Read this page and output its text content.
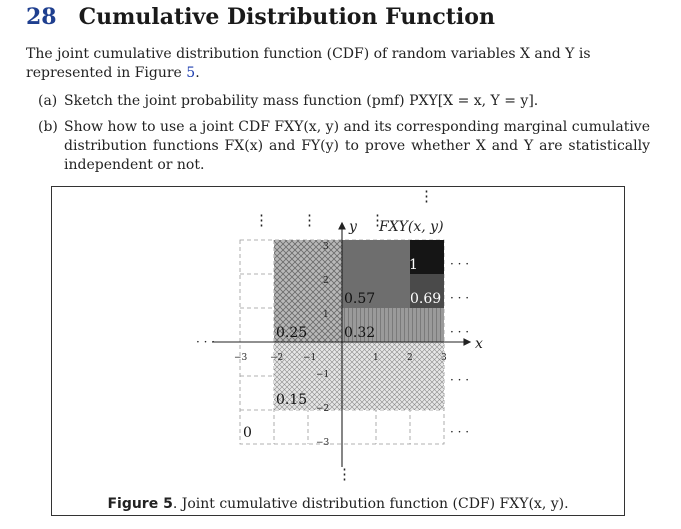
28 Cumulative Distribution Function
The joint cumulative distribution function (CDF) of random variables X and Y is represented in Figure 5.
(a) Sketch the joint probability mass function (pmf) PXY[X = x, Y = y].
(b) Show how to use a joint CDF FXY(x, y) and its corresponding marginal cumulative distribution functions FX(x) and FY(y) to prove whether X and Y are statistically independent or not.
1
0.69
0.57
0.32
0.25
0.15
0
y FXY(x, y)
x
−3	−2 −1	1	2	3
3
2
1
−1
−2
−3
⋮
⋮ ⋮	⋮
⋮
· · ·
· · ·
· · ·
· · ·
· · ·
· · ·
Figure 5. Joint cumulative distribution function (CDF) FXY(x, y).
